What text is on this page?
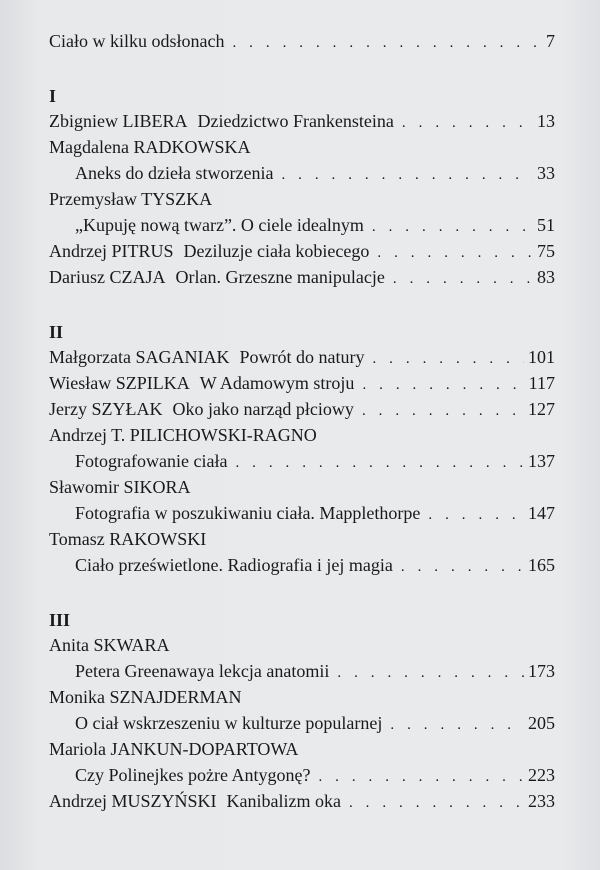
Ciało w kilku odsłonach . . .	7
I
Zbigniew LIBERA Dziedzictwo Frankensteina . . .	13
Magdalena RADKOWSKA
Aneks do dzieła stworzenia . . .	33
Przemysław TYSZKA
„Kupuję nową twarz”. O ciele idealnym . . .	51
Andrzej PITRUS Deziluzje ciała kobiecego . . .	75
Dariusz CZAJA Orlan. Grzeszne manipulacje . . .	83
II
Małgorzata SAGANIAK Powrót do natury . . .	101
Wiesław SZPILKA W Adamowym stroju . . .	117
Jerzy SZYŁAK Oko jako narząd płciowy . . .	127
Andrzej T. PILICHOWSKI-RAGNO
Fotografowanie ciała . . .	137
Sławomir SIKORA
Fotografia w poszukiwaniu ciała. Mapplethorpe . . .	147
Tomasz RAKOWSKI
Ciało prześwietlone. Radiografia i jej magia . . .	165
III
Anita SKWARA
Petera Greenawaya lekcja anatomii . . .	173
Monika SZNAJDERMAN
O ciał wskrzeszeniu w kulturze popularnej . . .	205
Mariola JANKUN-DOPARTOWA
Czy Polinejkes pożre Antygonę? . . .	223
Andrzej MUSZYŃSKI Kanibalizm oka . . .	233
